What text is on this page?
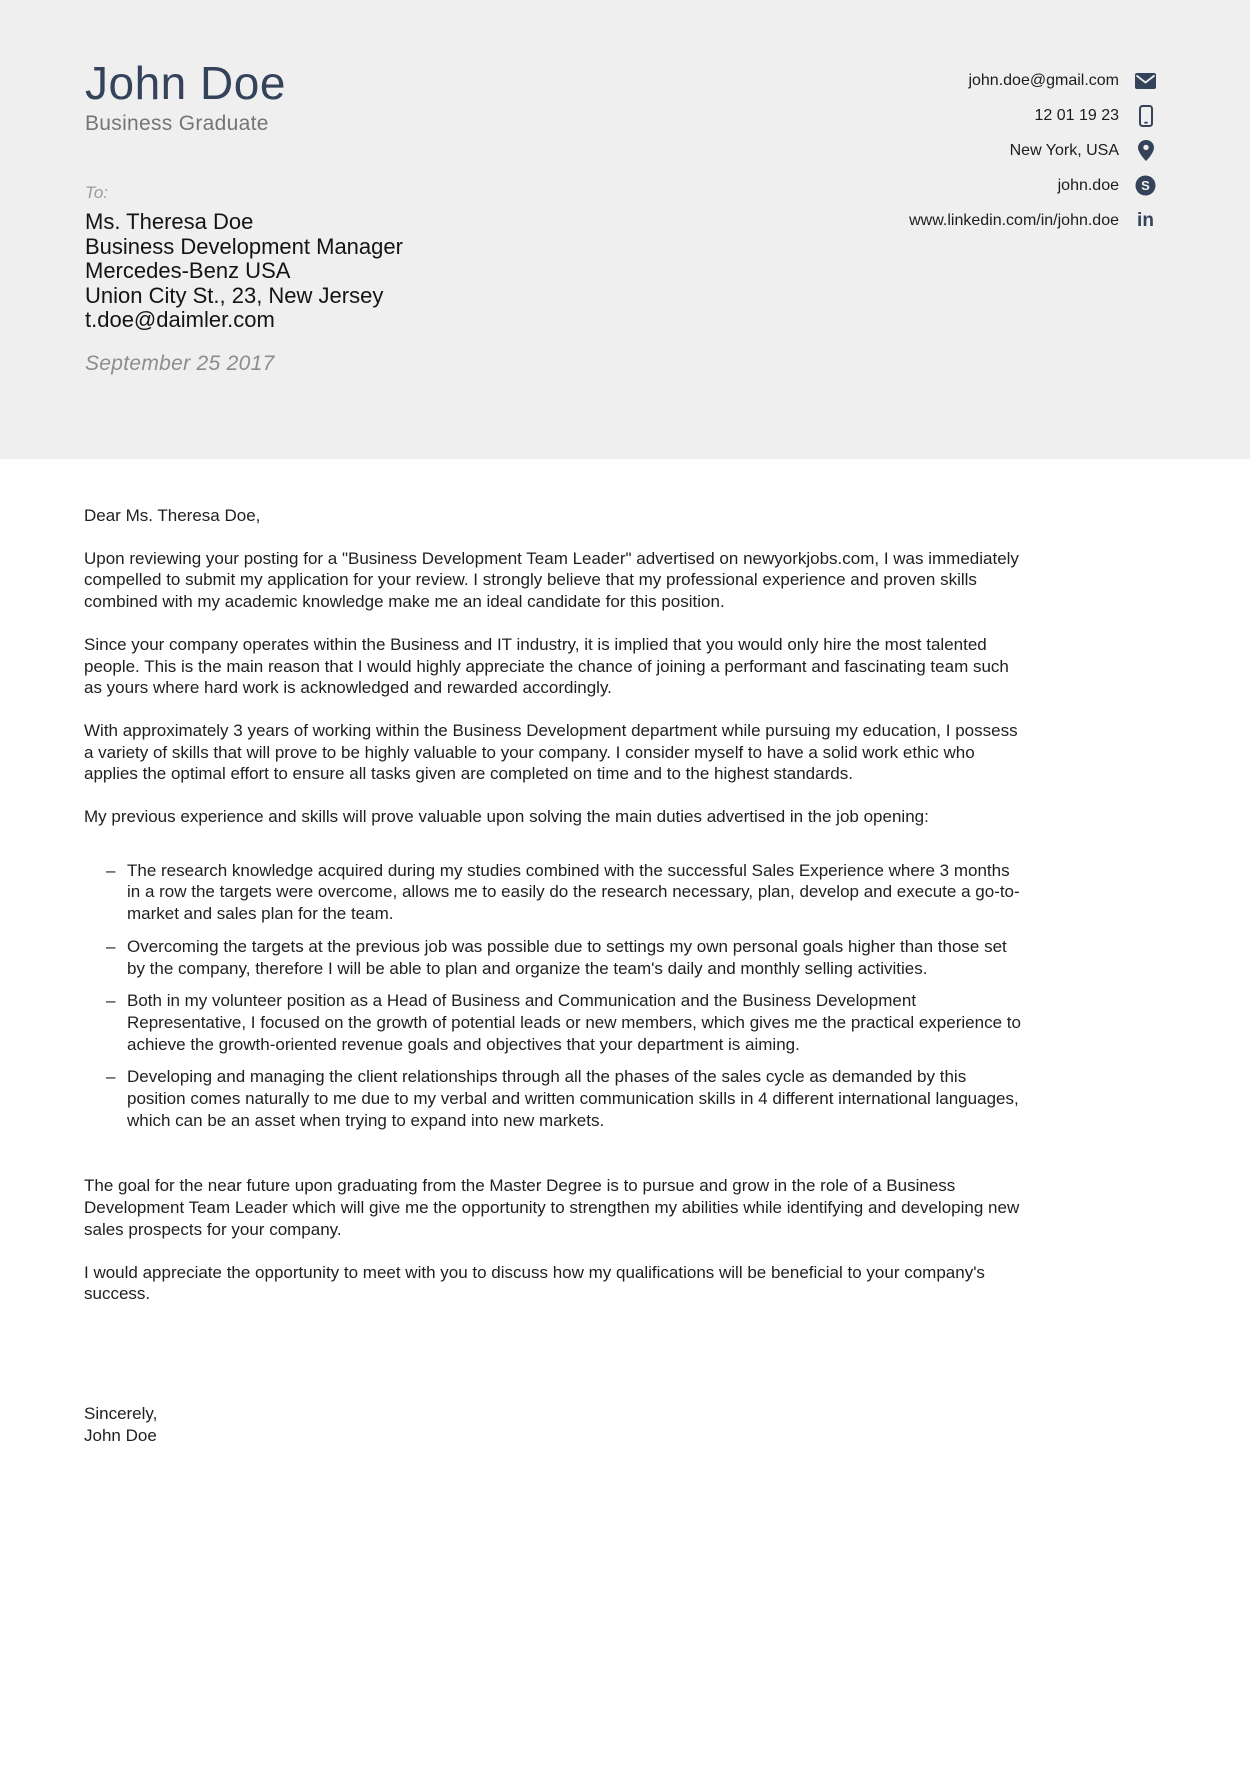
John Doe
Business Graduate
john.doe@gmail.com
12 01 19 23
New York, USA
john.doe S
www.linkedin.com/in/john.doe in
To:
Ms. Theresa Doe
Business Development Manager
Mercedes-Benz USA
Union City St., 23, New Jersey
t.doe@daimler.com
September 25 2017

Dear Ms. Theresa Doe,

Upon reviewing your posting for a "Business Development Team Leader" advertised on newyorkjobs.com, I was immediately compelled to submit my application for your review. I strongly believe that my professional experience and proven skills combined with my academic knowledge make me an ideal candidate for this position.

Since your company operates within the Business and IT industry, it is implied that you would only hire the most talented people. This is the main reason that I would highly appreciate the chance of joining a performant and fascinating team such as yours where hard work is acknowledged and rewarded accordingly.

With approximately 3 years of working within the Business Development department while pursuing my education, I possess a variety of skills that will prove to be highly valuable to your company. I consider myself to have a solid work ethic who applies the optimal effort to ensure all tasks given are completed on time and to the highest standards.

My previous experience and skills will prove valuable upon solving the main duties advertised in the job opening:

– The research knowledge acquired during my studies combined with the successful Sales Experience where 3 months in a row the targets were overcome, allows me to easily do the research necessary, plan, develop and execute a go-to-market and sales plan for the team.
– Overcoming the targets at the previous job was possible due to settings my own personal goals higher than those set by the company, therefore I will be able to plan and organize the team's daily and monthly selling activities.
– Both in my volunteer position as a Head of Business and Communication and the Business Development Representative, I focused on the growth of potential leads or new members, which gives me the practical experience to achieve the growth-oriented revenue goals and objectives that your department is aiming.
– Developing and managing the client relationships through all the phases of the sales cycle as demanded by this position comes naturally to me due to my verbal and written communication skills in 4 different international languages, which can be an asset when trying to expand into new markets.

The goal for the near future upon graduating from the Master Degree is to pursue and grow in the role of a Business Development Team Leader which will give me the opportunity to strengthen my abilities while identifying and developing new sales prospects for your company.

I would appreciate the opportunity to meet with you to discuss how my qualifications will be beneficial to your company's success.

Sincerely,
John Doe
